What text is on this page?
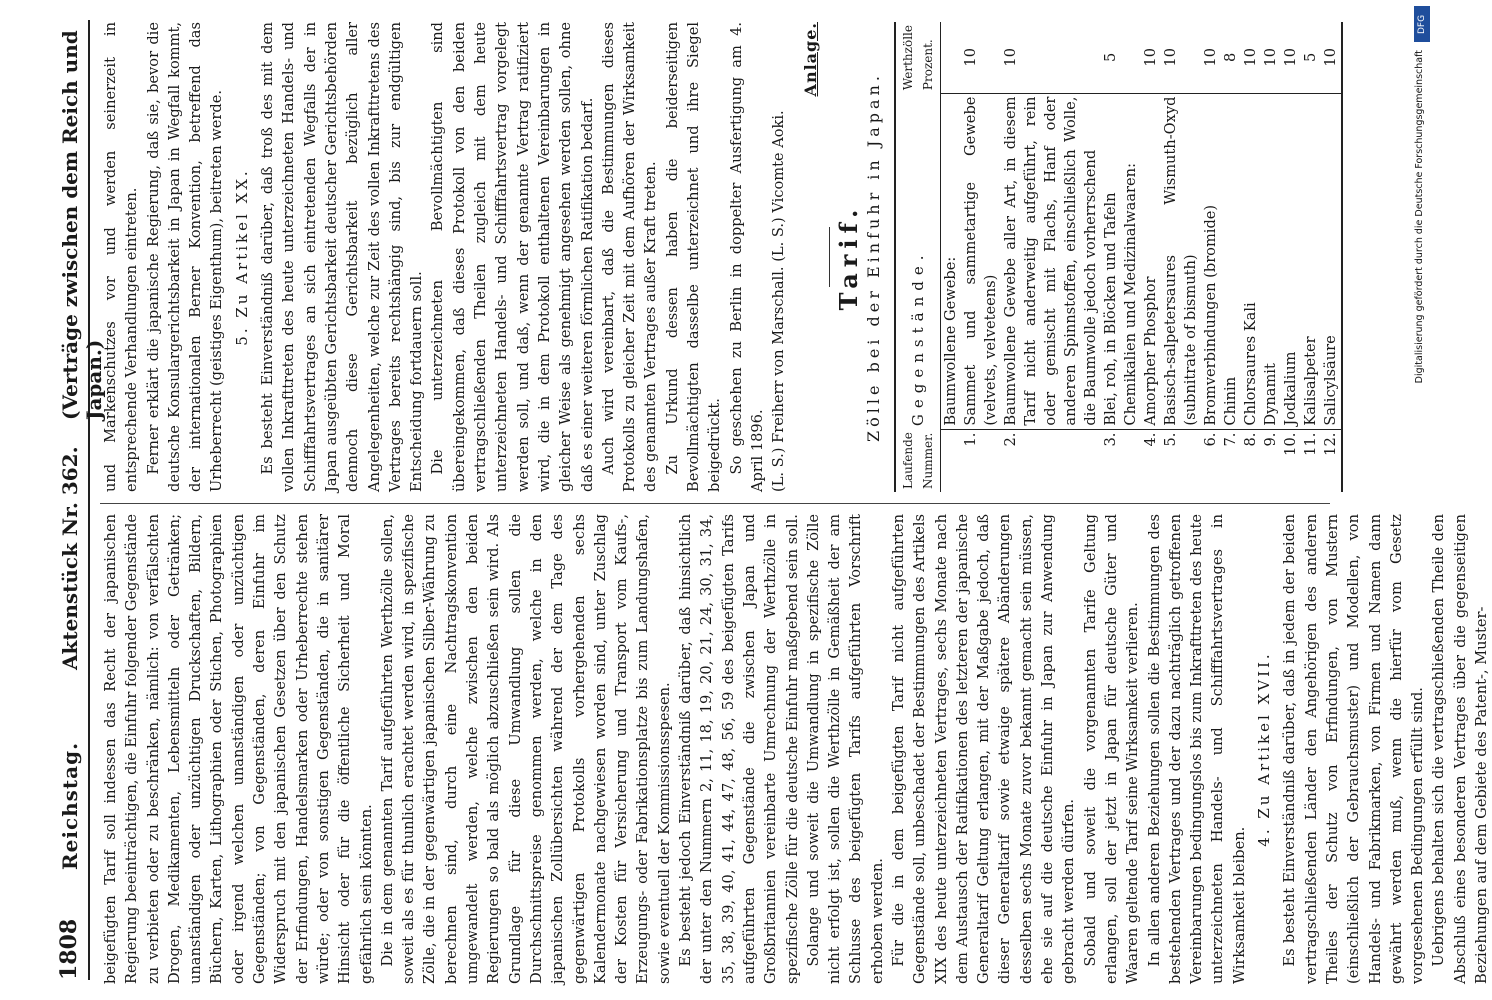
1808
Reichstag.
Aktenstück Nr. 362.
(Verträge zwischen dem Reich und Japan.)

beigefügten Tarif soll indessen das Recht der japanischen Regierung beeinträchtigen, die Einfuhr folgender Gegenstände zu verbieten oder zu beschränken, nämlich: von verfälschten Drogen, Medikamenten, Lebensmitteln oder Getränken; unanständigen oder unzüchtigen Druckschaften, Bildern, Büchern, Karten, Lithographien oder Stichen, Photographien oder irgend welchen unanständigen oder unzüchtigen Gegenständen; von Gegenständen, deren Einfuhr im Widerspruch mit den japanischen Gesetzen über den Schutz der Erfindungen, Handelsmarken oder Urheberrechte stehen würde; oder von sonstigen Gegenständen, die in sanitärer Hinsicht oder für die öffentliche Sicherheit und Moral gefährlich sein könnten. Die in dem genannten Tarif aufgeführten Werthzölle sollen, soweit als es für thunlich erachtet werden wird, in spezifische Zölle, die in der gegenwärtigen japanischen Silber-Währung zu berechnen sind, durch eine Nachtragskonvention umgewandelt werden, welche zwischen den beiden Regierungen so bald als möglich abzuschließen sein wird. Als Grundlage für diese Umwandlung sollen die Durchschnittspreise genommen werden, welche in den japanischen Zollübersichten während der dem Tage des gegenwärtigen Protokolls vorhergehenden sechs Kalendermonate nachgewiesen worden sind, unter Zuschlag der Kosten für Versicherung und Transport vom Kaufs-, Erzeugungs- oder Fabrikationsplatze bis zum Landungshafen, sowie eventuell der Kommissionsspesen. Es besteht jedoch Einverständniß darüber, daß hinsichtlich der unter den Nummern 2, 11, 18, 19, 20, 21, 24, 30, 31, 34, 35, 38, 39, 40, 41, 44, 47, 48, 56, 59 des beigefügten Tarifs aufgeführten Gegenstände die zwischen Japan und Großbritannien vereinbarte Umrechnung der Werthzölle in spezifische Zölle für die deutsche Einfuhr maßgebend sein soll. Solange und soweit die Umwandlung in spezifische Zölle nicht erfolgt ist, sollen die Werthzölle in Gemäßheit der am Schlusse des beigefügten Tarifs aufgeführten Vorschrift erhoben werden. Für die in dem beigefügten Tarif nicht aufgeführten Gegenstände soll, unbeschadet der Bestimmungen des Artikels XIX des heute unterzeichneten Vertrages, sechs Monate nach dem Austausch der Ratifikationen des letzteren der japanische Generaltarif Geltung erlangen, mit der Maßgabe jedoch, daß dieser Generaltarif sowie etwaige spätere Abänderungen desselben sechs Monate zuvor bekannt gemacht sein müssen, ehe sie auf die deutsche Einfuhr in Japan zur Anwendung gebracht werden dürfen. Sobald und soweit die vorgenannten Tarife Geltung erlangen, soll der jetzt in Japan für deutsche Güter und Waaren geltende Tarif seine Wirksamkeit verlieren. In allen anderen Beziehungen sollen die Bestimmungen des bestehenden Vertrages und der dazu nachträglich getroffenen Vereinbarungen bedingungslos bis zum Inkrafttreten des heute unterzeichneten Handels- und Schifffahrtsvertrages in Wirksamkeit bleiben.

4. Zu Artikel XVII. Es besteht Einverständniß darüber, daß in jedem der beiden vertragschließenden Länder den Angehörigen des anderen Theiles der Schutz von Erfindungen, von Mustern (einschließlich der Gebrauchsmuster) und Modellen, von Handels- und Fabrikmarken, von Firmen und Namen dann gewährt werden muß, wenn die hierfür vom Gesetz vorgesehenen Bedingungen erfüllt sind. Uebrigens behalten sich die vertragschließenden Theile den Abschluß eines besonderen Vertrages über die gegenseitigen Beziehungen auf dem Gebiete des Patent-, Muster-

und Markenschutzes vor und werden seinerzeit in entsprechende Verhandlungen eintreten. Ferner erklärt die japanische Regierung, daß sie, bevor die deutsche Konsulargerichtsbarkeit in Japan in Wegfall kommt, der internationalen Berner Konvention, betreffend das Urheberrecht (geistiges Eigenthum), beitreten werde. 5. Zu Artikel XX. Es besteht Einverständniß darüber, daß troß des mit dem vollen Inkrafttreten des heute unterzeichneten Handels- und Schifffahrtsvertrages an sich eintretenden Wegfalls der in Japan ausgeübten Gerichtsbarkeit deutscher Gerichtsbehörden dennoch diese Gerichtsbarkeit bezüglich aller Angelegenheiten, welche zur Zeit des vollen Inkrafttretens des Vertrages bereits rechtshängig sind, bis zur endgültigen Entscheidung fortdauern soll. Die unterzeichneten Bevollmächtigten sind übereingekommen, daß dieses Protokoll von den beiden vertragschließenden Theilen zugleich mit dem heute unterzeichneten Handels- und Schifffahrtsvertrag vorgelegt werden soll, und daß, wenn der genannte Vertrag ratifiziert wird, die in dem Protokoll enthaltenen Vereinbarungen in gleicher Weise als genehmigt angesehen werden sollen, ohne daß es einer weiteren förmlichen Ratifikation bedarf. Auch wird vereinbart, daß die Bestimmungen dieses Protokolls zu gleicher Zeit mit dem Aufhören der Wirksamkeit des genannten Vertrages außer Kraft treten. Zu Urkund dessen haben die beiderseitigen Bevollmächtigten dasselbe unterzeichnet und ihre Siegel beigedrückt. So geschehen zu Berlin in doppelter Ausfertigung am 4. April 1896. (L. S.) Freiherr von Marschall. (L. S.) Vicomte Aoki.

Anlage.
Tarif. Zölle bei der Einfuhr in Japan.
Laufende Nummer.	Gegenstände.	Werthzölle Prozent.

	Baumwollene Gewebe:	
1.	Sammet und sammetartige Gewebe (velvets, velveteens)	10
2.	Baumwollene Gewebe aller Art, in diesem Tarif nicht anderweitig aufgeführt, rein oder gemischt mit Flachs, Hanf oder anderen Spinnstoffen, einschließlich Wolle, die Baumwolle jedoch vorherrschend	10
3.	Blei, roh, in Blöcken und Tafeln	5
	Chemikalien und Medizinalwaaren:	
4.	Amorpher Phosphor	10
5.	Basisch-salpetersaures Wismuth-Oxyd (subnitrate of bismuth)	10
6.	Bromverbindungen (bromide)	10
7.	Chinin	8
8.	Chlorsaures Kali	10
9.	Dynamit	10
10.	Jodkalium	10
11.	Kalisalpeter	5
12.	Salicylsäure	10
DFG
Digitalisierung gefördert durch die Deutsche Forschungsgemeinschaft
